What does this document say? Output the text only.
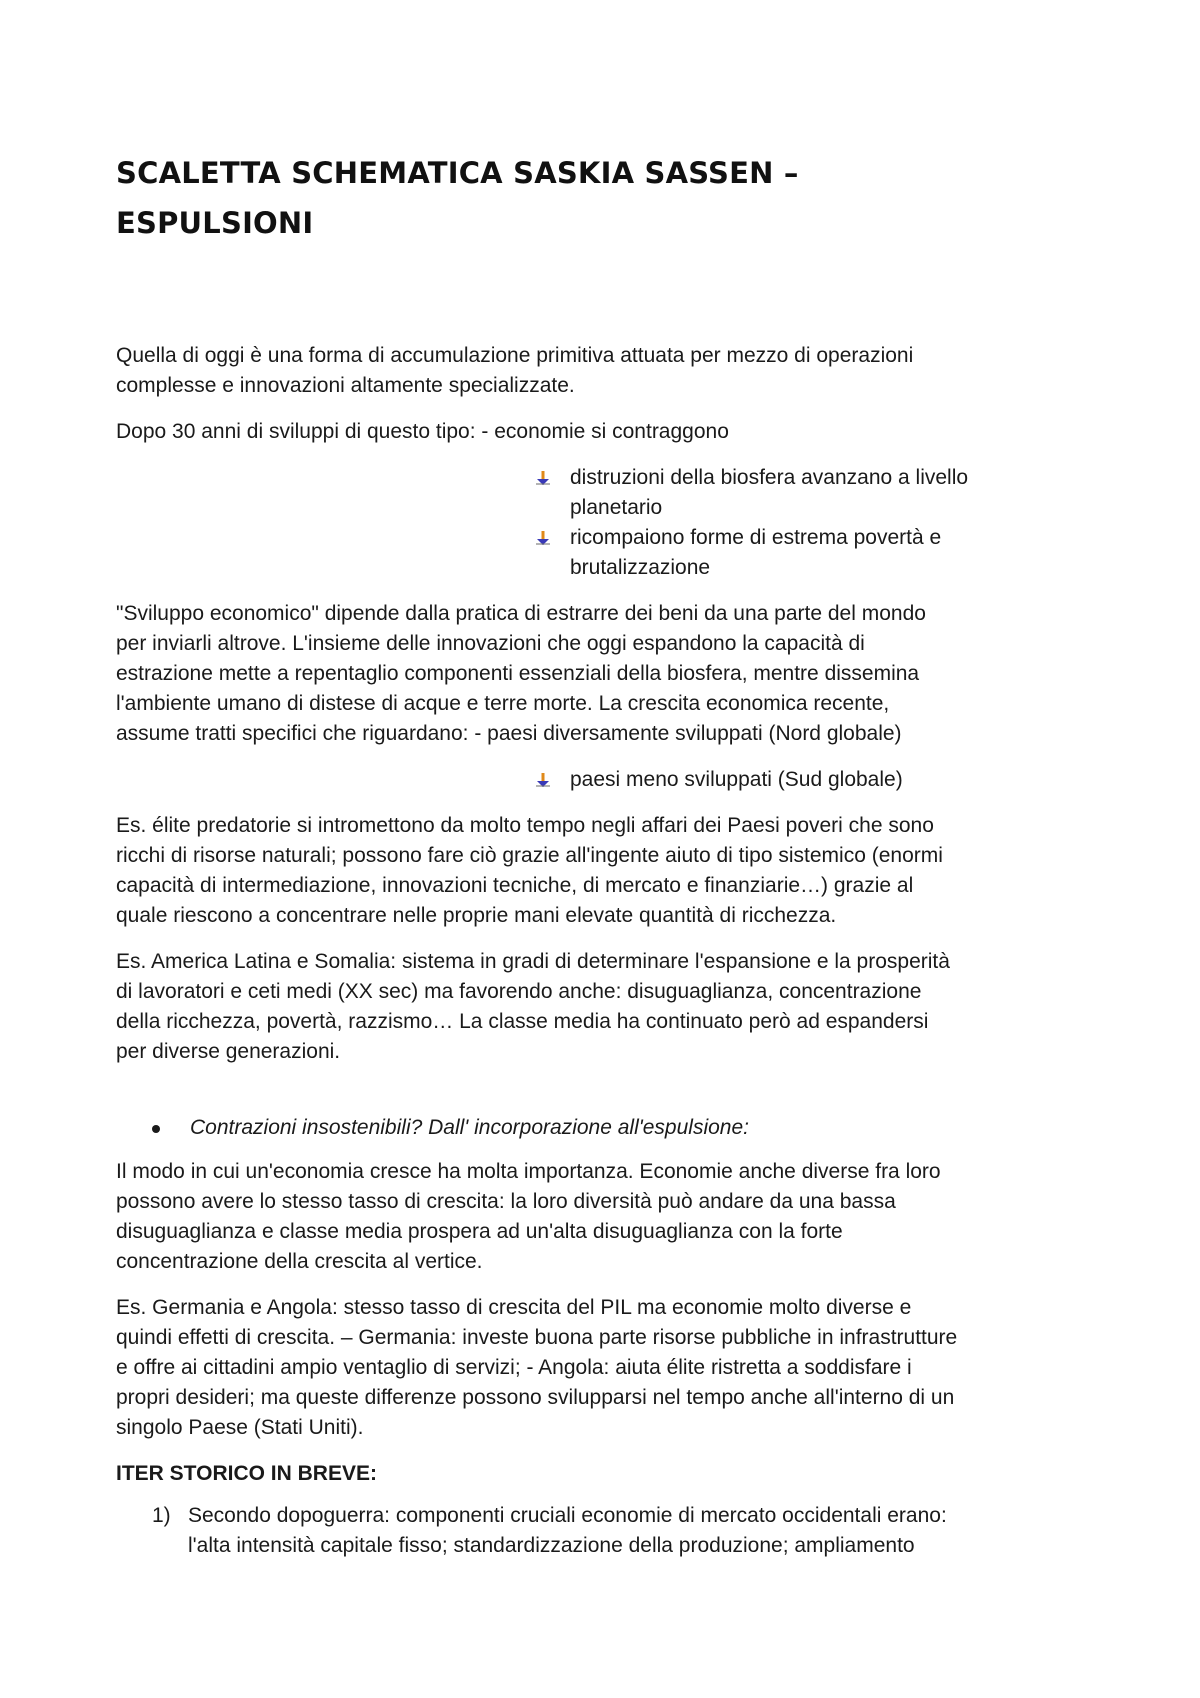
SCALETTA SCHEMATICA SASKIA SASSEN –
ESPULSIONI

Quella di oggi è una forma di accumulazione primitiva attuata per mezzo di operazioni
complesse e innovazioni altamente specializzate.

Dopo 30 anni di sviluppi di questo tipo: - economie si contraggono

distruzioni della biosfera avanzano a livello
planetario
ricompaiono forme di estrema povertà e
brutalizzazione

"Sviluppo economico" dipende dalla pratica di estrarre dei beni da una parte del mondo
per inviarli altrove. L'insieme delle innovazioni che oggi espandono la capacità di
estrazione mette a repentaglio componenti essenziali della biosfera, mentre dissemina
l'ambiente umano di distese di acque e terre morte. La crescita economica recente,
assume tratti specifici che riguardano: - paesi diversamente sviluppati (Nord globale)

paesi meno sviluppati (Sud globale)

Es. élite predatorie si intromettono da molto tempo negli affari dei Paesi poveri che sono
ricchi di risorse naturali; possono fare ciò grazie all'ingente aiuto di tipo sistemico (enormi
capacità di intermediazione, innovazioni tecniche, di mercato e finanziarie…) grazie al
quale riescono a concentrare nelle proprie mani elevate quantità di ricchezza.

Es. America Latina e Somalia: sistema in gradi di determinare l'espansione e la prosperità
di lavoratori e ceti medi (XX sec) ma favorendo anche: disuguaglianza, concentrazione
della ricchezza, povertà, razzismo… La classe media ha continuato però ad espandersi
per diverse generazioni.

Contrazioni insostenibili? Dall' incorporazione all'espulsione:

Il modo in cui un'economia cresce ha molta importanza. Economie anche diverse fra loro
possono avere lo stesso tasso di crescita: la loro diversità può andare da una bassa
disuguaglianza e classe media prospera ad un'alta disuguaglianza con la forte
concentrazione della crescita al vertice.

Es. Germania e Angola: stesso tasso di crescita del PIL ma economie molto diverse e
quindi effetti di crescita. – Germania: investe buona parte risorse pubbliche in infrastrutture
e offre ai cittadini ampio ventaglio di servizi; - Angola: aiuta élite ristretta a soddisfare i
propri desideri; ma queste differenze possono svilupparsi nel tempo anche all'interno di un
singolo Paese (Stati Uniti).

ITER STORICO IN BREVE:
1) Secondo dopoguerra: componenti cruciali economie di mercato occidentali erano:
l'alta intensità capitale fisso; standardizzazione della produzione; ampliamento
